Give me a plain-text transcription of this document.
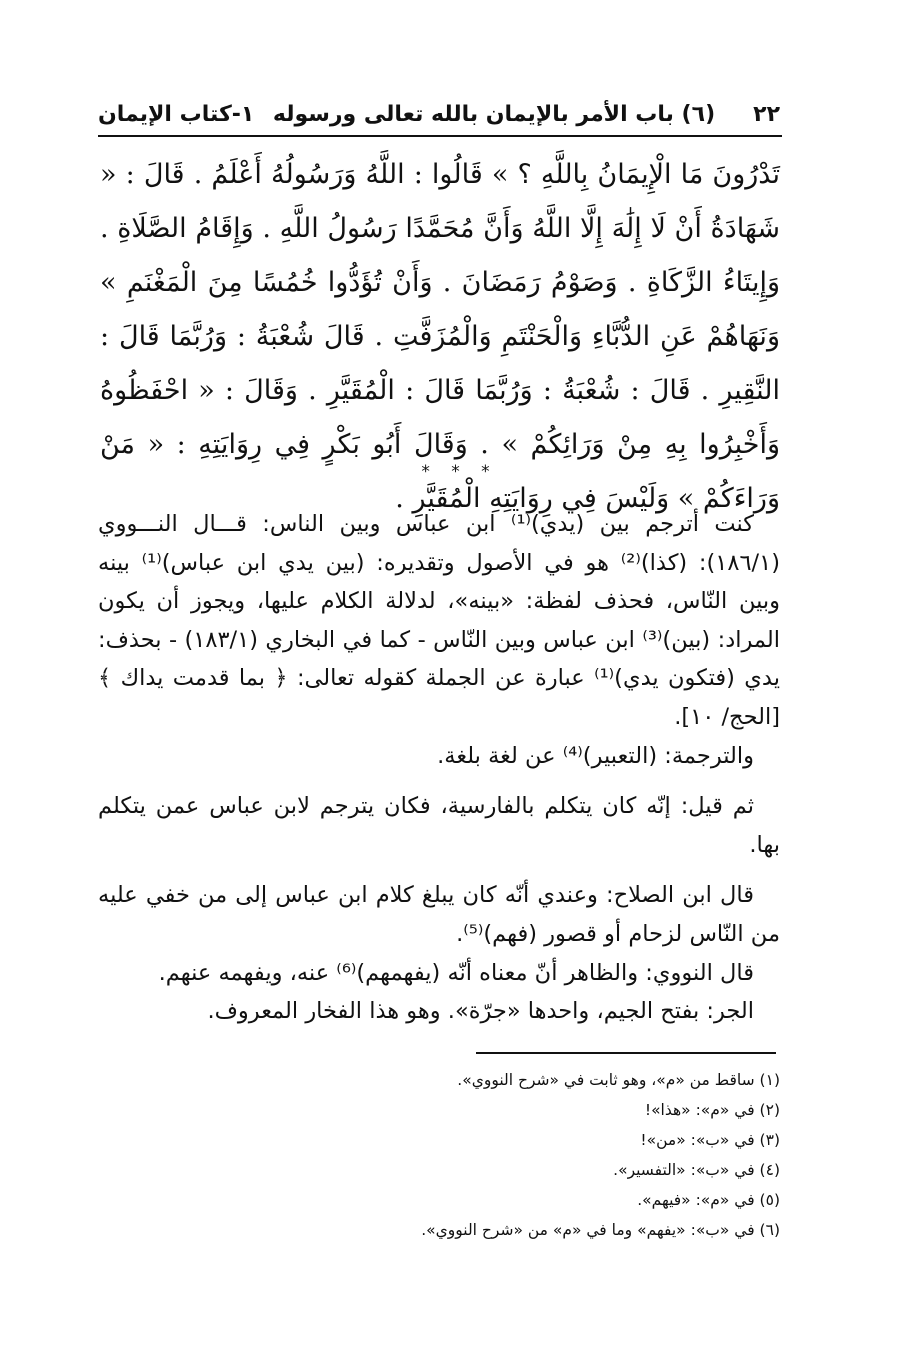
٢٢
(٦) باب الأمر بالإيمان بالله تعالى ورسوله
١-كتاب الإيمان
تَدْرُونَ مَا الْإِيمَانُ بِاللَّهِ ؟ » قَالُوا : اللَّهُ وَرَسُولُهُ أَعْلَمُ . قَالَ : « شَهَادَةُ أَنْ لَا إِلَٰهَ إِلَّا اللَّهُ وَأَنَّ مُحَمَّدًا رَسُولُ اللَّهِ . وَإِقَامُ الصَّلَاةِ . وَإِيتَاءُ الزَّكَاةِ . وَصَوْمُ رَمَضَانَ . وَأَنْ تُؤَدُّوا خُمُسًا مِنَ الْمَغْنَمِ » وَنَهَاهُمْ عَنِ الدُّبَّاءِ وَالْحَنْتَمِ وَالْمُزَفَّتِ . قَالَ شُعْبَةُ : وَرُبَّمَا قَالَ : النَّقِيرِ . قَالَ : شُعْبَةُ : وَرُبَّمَا قَالَ : الْمُقَيَّرِ . وَقَالَ : « احْفَظُوهُ وَأَخْبِرُوا بِهِ مِنْ وَرَائِكُمْ » . وَقَالَ أَبُو بَكْرٍ فِي رِوَايَتِهِ : « مَنْ وَرَاءَكُمْ » وَلَيْسَ فِي رِوَايَتِهِ الْمُقَيَّرِ .
* * *

كنت أترجم بين (يدي)⁽¹⁾ ابن عباس وبين الناس: قـــال النـــووي (١٨٦/١): (كذا)⁽²⁾ هو في الأصول وتقديره: (بين يدي ابن عباس)⁽¹⁾ بينه وبين النّاس، فحذف لفظة: «بينه»، لدلالة الكلام عليها، ويجوز أن يكون المراد: (بين)⁽³⁾ ابن عباس وبين النّاس - كما في البخاري (١٨٣/١) - بحذف: يدي (فتكون يدي)⁽¹⁾ عبارة عن الجملة كقوله تعالى: ﴿ بما قدمت يداك ﴾ [الحج/ ١٠].

والترجمة: (التعبير)⁽⁴⁾ عن لغة بلغة.

ثم قيل: إنّه كان يتكلم بالفارسية، فكان يترجم لابن عباس عمن يتكلم بها.

قال ابن الصلاح: وعندي أنّه كان يبلغ كلام ابن عباس إلى من خفي عليه من النّاس لزحام أو قصور (فهم)⁽⁵⁾.

قال النووي: والظاهر أنّ معناه أنّه (يفهمهم)⁽⁶⁾ عنه، ويفهمه عنهم.

الجر: بفتح الجيم، واحدها «جرّة». وهو هذا الفخار المعروف.

(١) ساقط من «م»، وهو ثابت في «شرح النووي».
(٢) في «م»: «هذا»!
(٣) في «ب»: «من»!
(٤) في «ب»: «التفسير».
(٥) في «م»: «فيهم».
(٦) في «ب»: «يفهم» وما في «م» من «شرح النووي».
